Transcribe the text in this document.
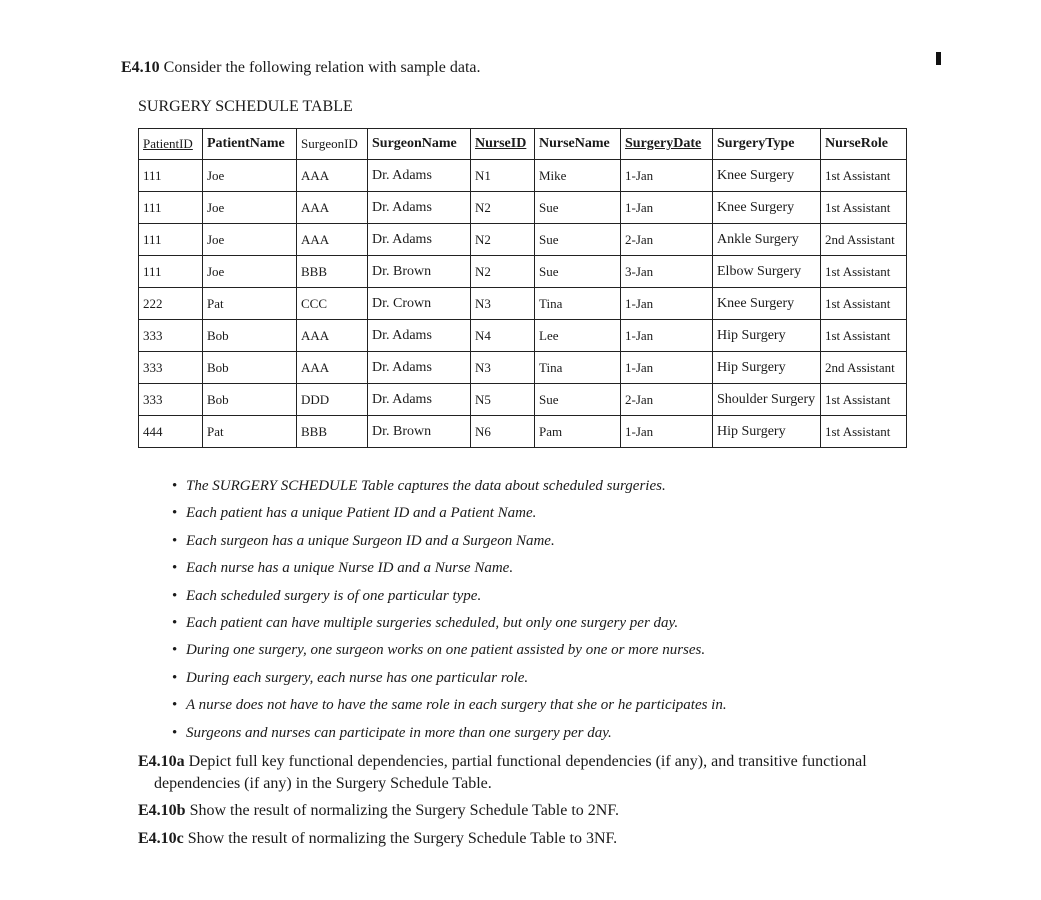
E4.10 Consider the following relation with sample data.
SURGERY SCHEDULE TABLE
PatientID	PatientName	SurgeonID	SurgeonName	NurseID	NurseName	SurgeryDate	SurgeryType	NurseRole
111	Joe	AAA	Dr. Adams	N1	Mike	1-Jan	Knee Surgery	1st Assistant
111	Joe	AAA	Dr. Adams	N2	Sue	1-Jan	Knee Surgery	1st Assistant
111	Joe	AAA	Dr. Adams	N2	Sue	2-Jan	Ankle Surgery	2nd Assistant
111	Joe	BBB	Dr. Brown	N2	Sue	3-Jan	Elbow Surgery	1st Assistant
222	Pat	CCC	Dr. Crown	N3	Tina	1-Jan	Knee Surgery	1st Assistant
333	Bob	AAA	Dr. Adams	N4	Lee	1-Jan	Hip Surgery	1st Assistant
333	Bob	AAA	Dr. Adams	N3	Tina	1-Jan	Hip Surgery	2nd Assistant
333	Bob	DDD	Dr. Adams	N5	Sue	2-Jan	Shoulder Surgery	1st Assistant
444	Pat	BBB	Dr. Brown	N6	Pam	1-Jan	Hip Surgery	1st Assistant
• The SURGERY SCHEDULE Table captures the data about scheduled surgeries.
• Each patient has a unique Patient ID and a Patient Name.
• Each surgeon has a unique Surgeon ID and a Surgeon Name.
• Each nurse has a unique Nurse ID and a Nurse Name.
• Each scheduled surgery is of one particular type.
• Each patient can have multiple surgeries scheduled, but only one surgery per day.
• During one surgery, one surgeon works on one patient assisted by one or more nurses.
• During each surgery, each nurse has one particular role.
• A nurse does not have to have the same role in each surgery that she or he participates in.
• Surgeons and nurses can participate in more than one surgery per day.
E4.10a Depict full key functional dependencies, partial functional dependencies (if any), and transitive functional
dependencies (if any) in the Surgery Schedule Table.
E4.10b Show the result of normalizing the Surgery Schedule Table to 2NF.
E4.10c Show the result of normalizing the Surgery Schedule Table to 3NF.
